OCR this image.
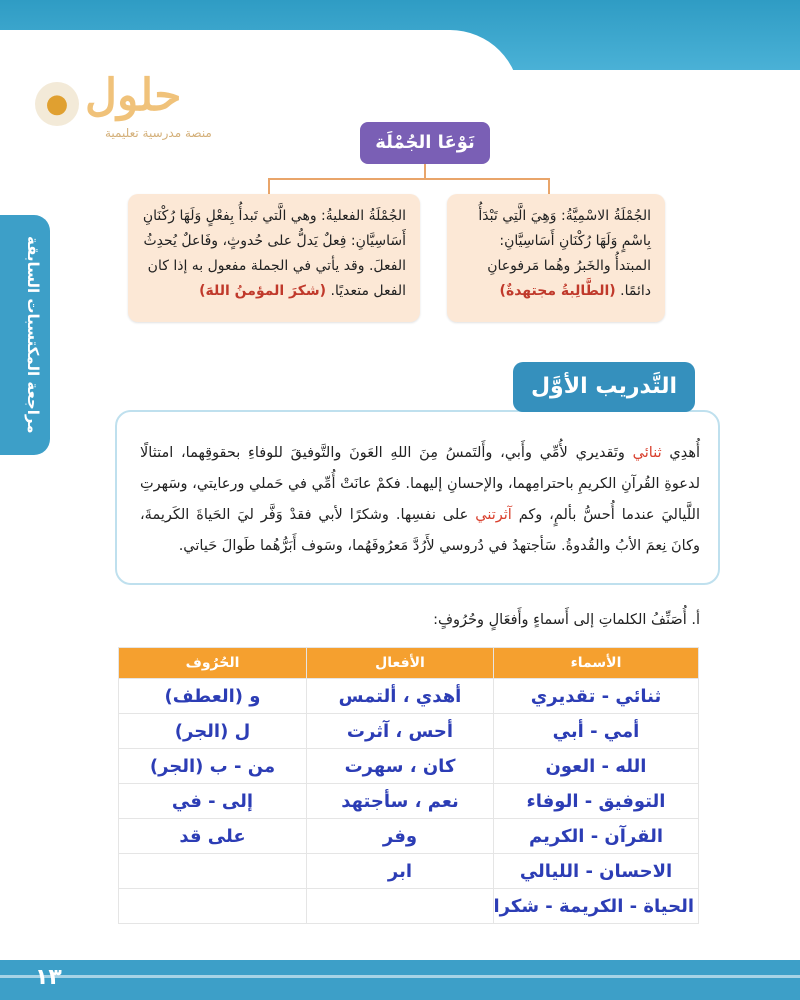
● حلول
منصة مدرسية تعليمية
مراجعة المكتسبات السابقة
نَوْعَا الجُمْلَة
الجُمْلَةُ الاسْمِيَّةُ: وَهِيَ الَّتِي تَبْدَأُ بِاسْمٍ وَلَهَا رُكْنَانِ أَسَاسِيَّانِ: المبتدأُ والخَبرُ وهُما مَرفوعانِ دائمًا. (الطَّالِبةُ مجتهدةٌ)
الجُمْلَةُ الفعليةُ: وهي الَّتي تَبدأُ بِفعْلٍ وَلَهَا رُكْنَانِ أَسَاسِيَّانِ: فِعلٌ يَدلُّ على حُدوثٍ، وفَاعلٌ يُحدِثُ الفعلَ. وقد يأتي في الجملة مفعول به إذا كان الفعل متعديًا. (شكرَ المؤمنُ اللهَ)
التَّدريب الأوَّل
أُهدِي ثنائي وتَقديري لأُمِّي وأَبي، وأَلتَمسُ مِنَ اللهِ العَونَ والتَّوفيقَ للوفاءِ بحقوقِهما، امتثالًا لدعوةِ القُرآنِ الكريمِ باحترامِهما، والإحسانِ إليهما. فكمْ عانَتْ أُمِّي في حَملي ورعايتي، وسَهرتِ اللَّياليَ عندما أُحسُّ بألمٍ، وكم آثرتني على نفسِها. وشكرًا لأبي فقدْ وَفَّر ليَ الحَياةَ الكَريمةَ، وكانَ نِعمَ الأبُ والقُدوةُ. سَأجتهدُ في دُروسي لأَرُدَّ مَعرُوفَهُما، وسَوف أَبَرُّهُما طَوالَ حَياتي.
أ. أُصَنِّفُ الكلماتِ إلى أَسماءٍ وأَفعَالٍ وحُرُوفٍ:
الأسماء	الأفعال	الحُرُوف
ثنائي - تقديري	أهدي ، ألتمس	و (العطف)
أمي - أبي	أحس ، آثرت	ل (الجر)
الله - العون	كان ، سهرت	من - ب (الجر)
التوفيق - الوفاء	نعم ، سأجتهد	إلى - في
القرآن - الكريم	وفر	على قد
الاحسان - الليالي	ابر	
الحياة - الكريمة - شكرا		
١٣
